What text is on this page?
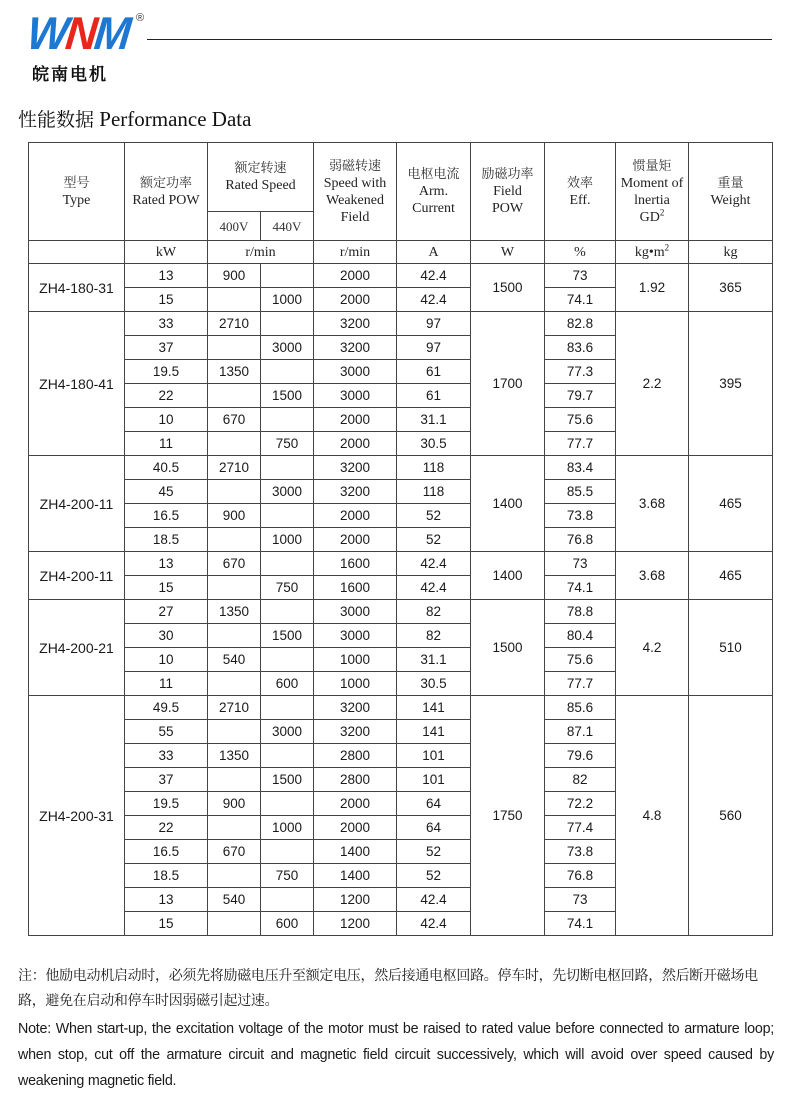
WNM ®
皖南电机
性能数据 Performance Data
型号
Type	额定功率
Rated POW	额定转速
Rated Speed		弱磁转速
Speed with
Weakened
Field	电枢电流
Arm.
Current	励磁功率
Field
POW	效率
Eff.	惯量矩
Moment of
lnertia
$GD^2$	重量
Weight
		400V	440V						
	kW	r/min		r/min	A	W	%	$kg•m^2$	kg
ZH4-180-31	13	900		2000	42.4	1500	73	1.92	365
	15		1000	2000	42.4		74.1		
ZH4-180-41	33	2710		3200	97	1700	82.8	2.2	395
	37		3000	3200	97		83.6		
	19.5	1350		3000	61		77.3		
	22		1500	3000	61		79.7		
	10	670		2000	31.1		75.6		
	11		750	2000	30.5		77.7		
ZH4-200-11	40.5	2710		3200	118	1400	83.4	3.68	465
	45		3000	3200	118		85.5		
	16.5	900		2000	52		73.8		
	18.5		1000	2000	52		76.8		
ZH4-200-11	13	670		1600	42.4	1400	73	3.68	465
	15		750	1600	42.4		74.1		
ZH4-200-21	27	1350		3000	82	1500	78.8	4.2	510
	30		1500	3000	82		80.4		
	10	540		1000	31.1		75.6		
	11		600	1000	30.5		77.7		
ZH4-200-31	49.5	2710		3200	141	1750	85.6	4.8	560
	55		3000	3200	141		87.1		
	33	1350		2800	101		79.6		
	37		1500	2800	101		82		
	19.5	900		2000	64		72.2		
	22		1000	2000	64		77.4		
	16.5	670		1400	52		73.8		
	18.5		750	1400	52		76.8		
	13	540		1200	42.4		73		
	15		600	1200	42.4		74.1		
注：他励电动机启动时，必须先将励磁电压升至额定电压，然后接通电枢回路。停车时，先切断电枢回路，然后断开磁场电路，避免在启动和停车时因弱磁引起过速。
Note: When start-up, the excitation voltage of the motor must be raised to rated value before connected to armature loop; when stop, cut off the armature circuit and magnetic field circuit successively, which will avoid over speed caused by weakening magnetic field.
